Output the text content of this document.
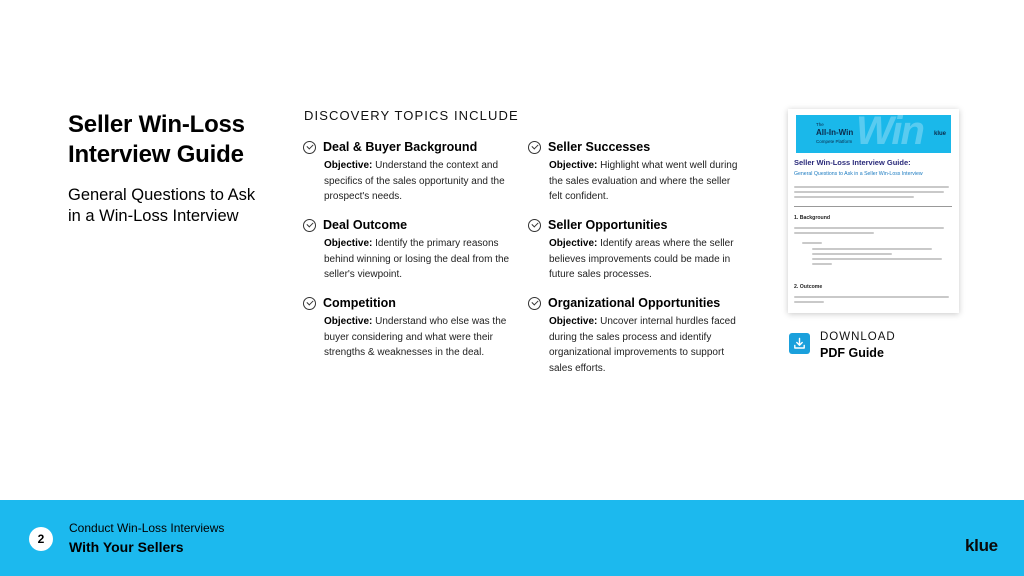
Seller Win-Loss
Interview Guide
General Questions to Ask
in a Win-Loss Interview
DISCOVERY TOPICS INCLUDE
Deal & Buyer Background
Objective: Understand the context and specifics of the sales opportunity and the prospect's needs.
Deal Outcome
Objective: Identify the primary reasons behind winning or losing the deal from the seller's viewpoint.
Competition
Objective: Understand who else was the buyer considering and what were their strengths & weaknesses in the deal.
Seller Successes
Objective: Highlight what went well during the sales evaluation and where the seller felt confident.
Seller Opportunities
Objective: Identify areas where the seller believes improvements could be made in future sales processes.
Organizational Opportunities
Objective: Uncover internal hurdles faced during the sales process and identify organizational improvements to support sales efforts.
Win
The
All-In-Win
Compete Platform
klue
Seller Win-Loss Interview Guide:
General Questions to Ask in a Seller Win-Loss Interview
1. Background
2. Outcome
DOWNLOAD
PDF Guide
2
Conduct Win-Loss Interviews
With Your Sellers	klue
